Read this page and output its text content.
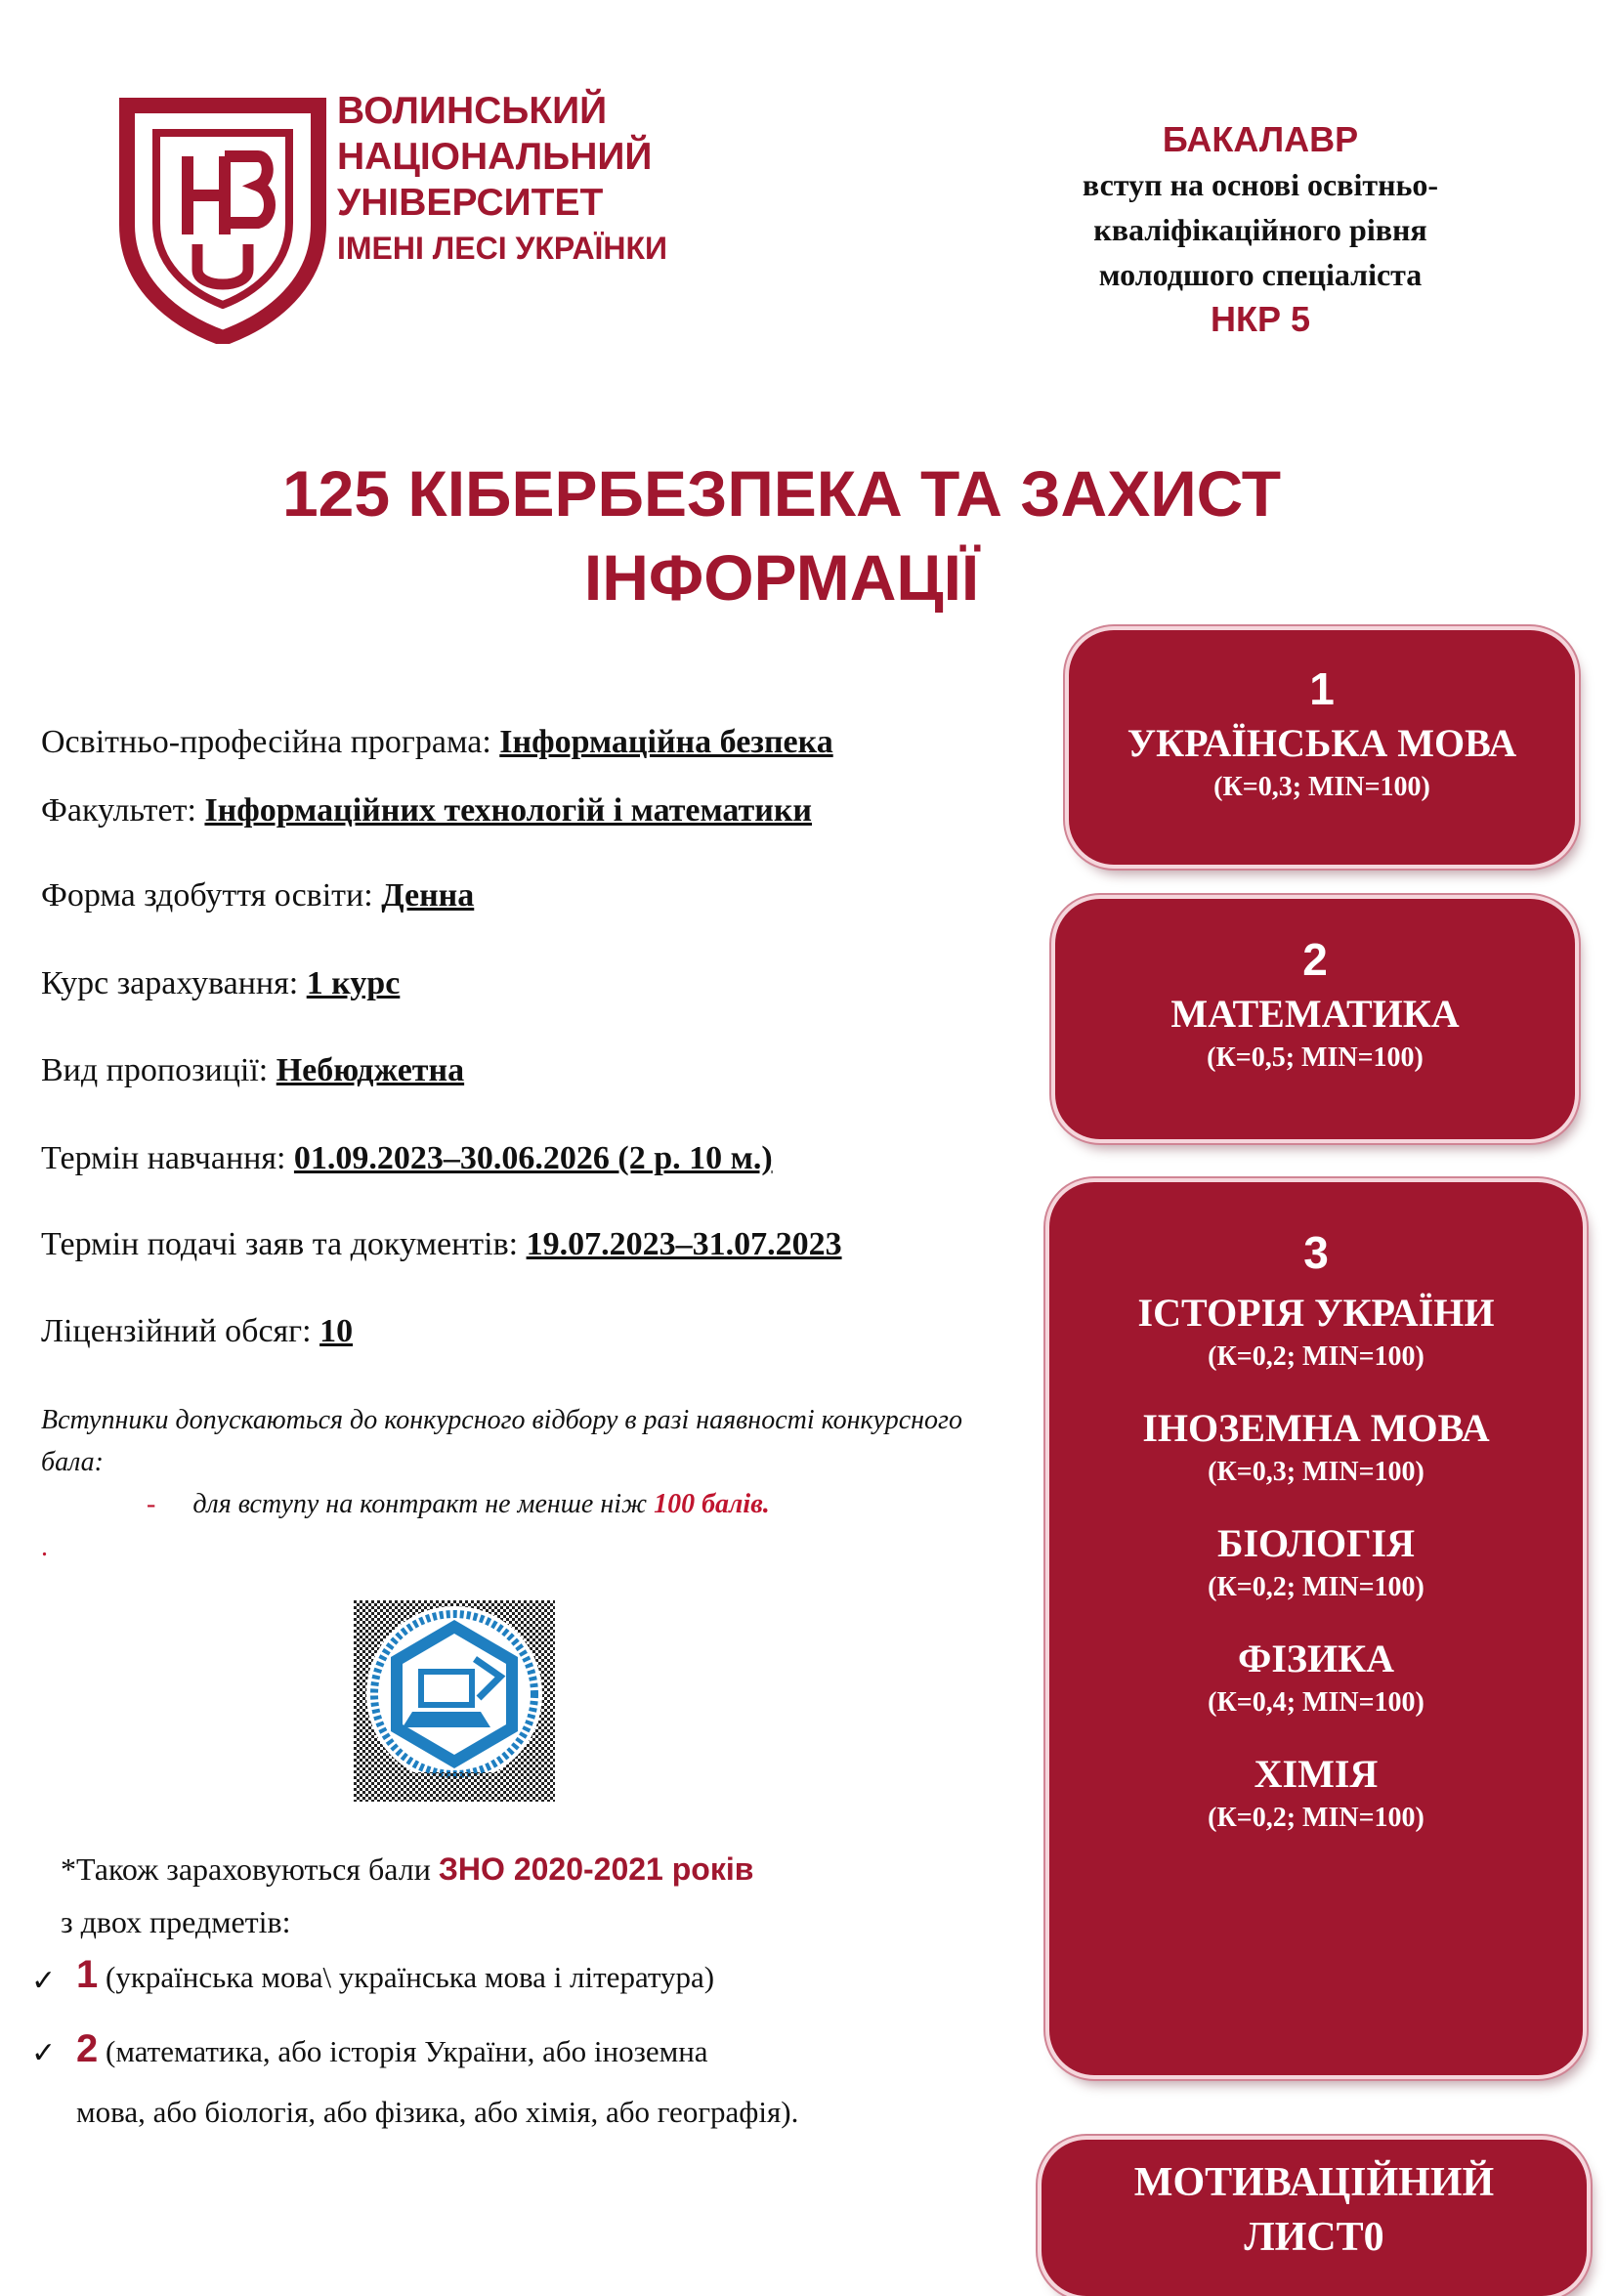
ВОЛИНСЬКИЙ
НАЦІОНАЛЬНИЙ
УНІВЕРСИТЕТ
ІМЕНІ ЛЕСІ УКРАЇНКИ
БАКАЛАВР
вступ на основі освітньо-
кваліфікаційного рівня
молодшого спеціаліста
НКР 5
125 КІБЕРБЕЗПЕКА ТА ЗАХИСТ
ІНФОРМАЦІЇ
Освітньо-професійна програма: Інформаційна безпека
Факультет: Інформаційних технологій і математики
Форма здобуття освіти: Денна
Курс зарахування: 1 курс
Вид пропозиції: Небюджетна
Термін навчання: 01.09.2023–30.06.2026 (2 р. 10 м.)
Термін подачі заяв та документів: 19.07.2023–31.07.2023
Ліцензійний обсяг: 10
Вступники допускаються до конкурсного відбору в разі наявності конкурсного бала:
- для вступу на контракт не менше ніж 100 балів.
.
*Також зараховуються бали ЗНО 2020-2021 років
з двох предметів:
✓ 1 (українська мова\ українська мова і література)
✓ 2 (математика, або історія України, або іноземна
мова, або біологія, або фізика, або хімія, або географія).
1
УКРАЇНСЬКА МОВА
(К=0,3; MIN=100)
2
МАТЕМАТИКА
(К=0,5; MIN=100)
3
ІСТОРІЯ УКРАЇНИ
(К=0,2; MIN=100)
ІНОЗЕМНА МОВА
(К=0,3; MIN=100)
БІОЛОГІЯ
(К=0,2; MIN=100)
ФІЗИКА
(К=0,4; MIN=100)
ХІМІЯ
(К=0,2; MIN=100)
МОТИВАЦІЙНИЙ
ЛИСТ0
